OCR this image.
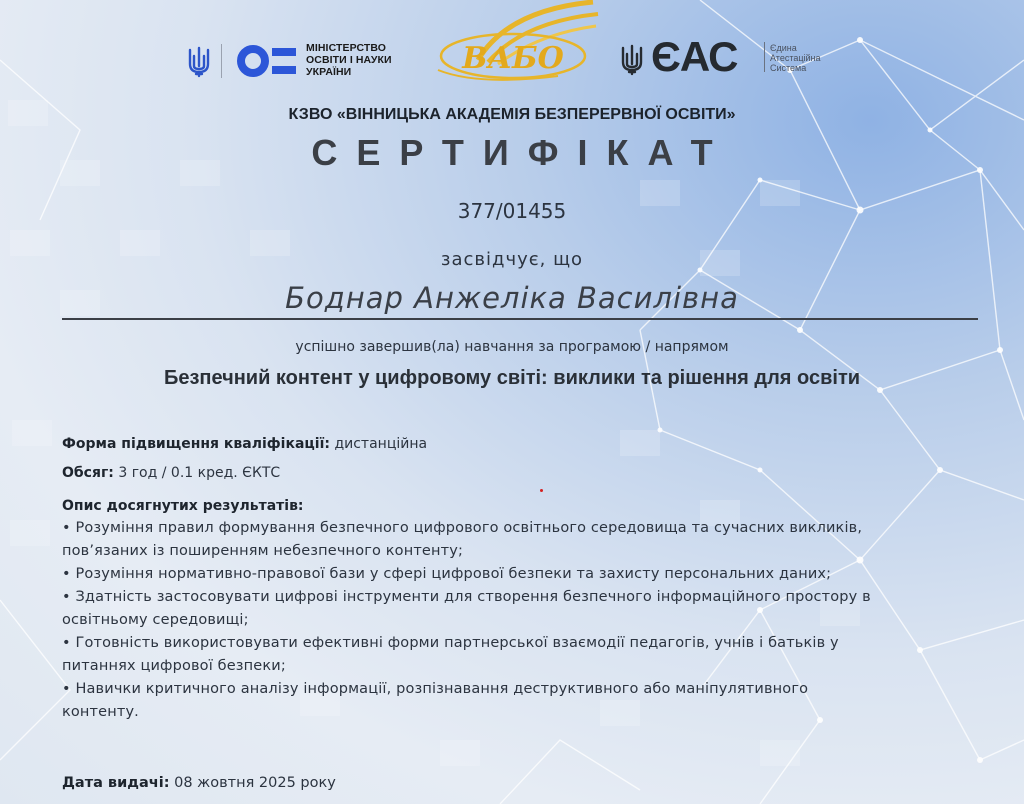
МІНІСТЕРСТВО
ОСВІТИ І НАУКИ
УКРАЇНИ	ВАБО ЄАС	Єдина
Атестаційна
Система
КЗВО «ВІННИЦЬКА АКАДЕМІЯ БЕЗПЕРЕРВНОЇ ОСВІТИ»
СЕРТИФІКАТ
377/01455
засвідчує, що
Боднар Анжеліка Василівна
успішно завершив(ла) навчання за програмою / напрямом
Безпечний контент у цифровому світі: виклики та рішення для освіти
Форма підвищення кваліфікації: дистанційна
Обсяг: 3 год / 0.1 кред. ЄКТС
Опис досягнутих результатів:
• Розуміння правил формування безпечного цифрового освітнього середовища та сучасних викликів,
пов’язаних із поширенням небезпечного контенту;
• Розуміння нормативно-правової бази у сфері цифрової безпеки та захисту персональних даних;
• Здатність застосовувати цифрові інструменти для створення безпечного інформаційного простору в
освітньому середовищі;
• Готовність використовувати ефективні форми партнерської взаємодії педагогів, учнів і батьків у
питаннях цифрової безпеки;
• Навички критичного аналізу інформації, розпізнавання деструктивного або маніпулятивного
контенту.
Дата видачі: 08 жовтня 2025 року
